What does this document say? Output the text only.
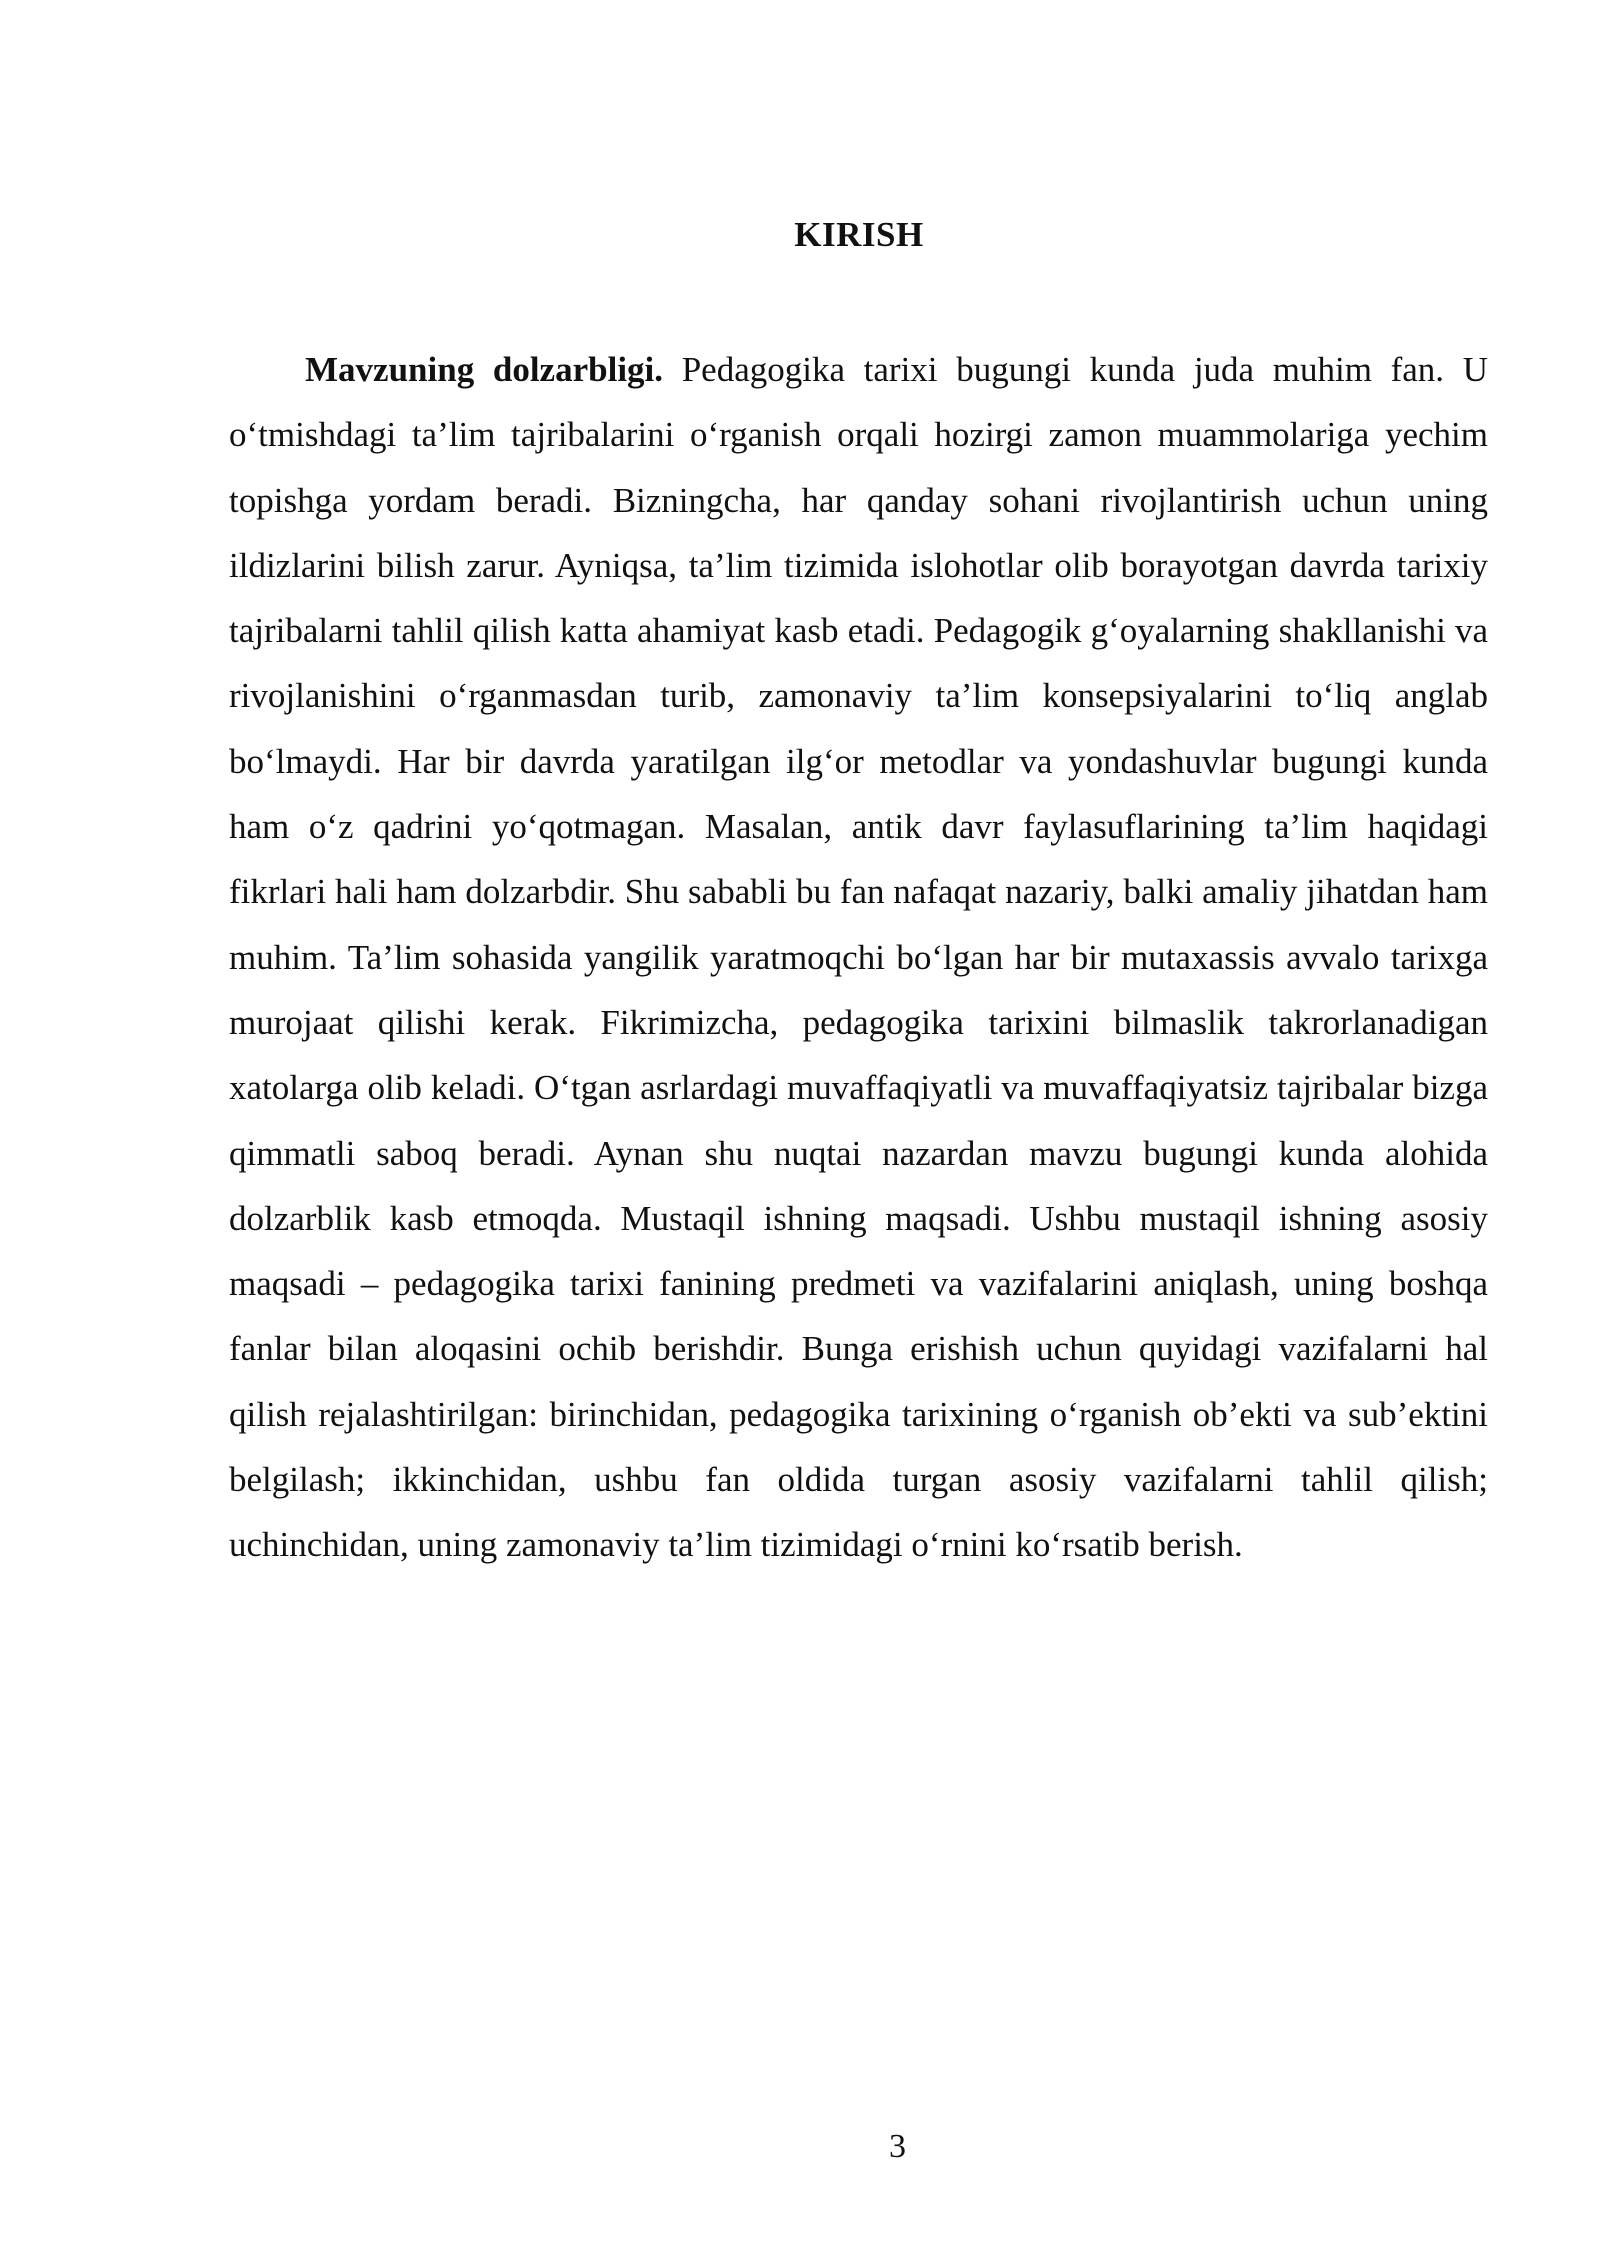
KIRISH

Mavzuning dolzarbligi. Pedagogika tarixi bugungi kunda juda muhim fan. U o‘tmishdagi ta’lim tajribalarini o‘rganish orqali hozirgi zamon muammolariga yechim topishga yordam beradi. Bizningcha, har qanday sohani rivojlantirish uchun uning ildizlarini bilish zarur. Ayniqsa, ta’lim tizimida islohotlar olib borayotgan davrda tarixiy tajribalarni tahlil qilish katta ahamiyat kasb etadi. Pedagogik g‘oyalarning shakllanishi va rivojlanishini o‘rganmasdan turib, zamonaviy ta’lim konsepsiyalarini to‘liq anglab bo‘lmaydi. Har bir davrda yaratilgan ilg‘or metodlar va yondashuvlar bugungi kunda ham o‘z qadrini yo‘qotmagan. Masalan, antik davr faylasuflarining ta’lim haqidagi fikrlari hali ham dolzarbdir. Shu sababli bu fan nafaqat nazariy, balki amaliy jihatdan ham muhim. Ta’lim sohasida yangilik yaratmoqchi bo‘lgan har bir mutaxassis avvalo tarixga murojaat qilishi kerak. Fikrimizcha, pedagogika tarixini bilmaslik takrorlanadigan xatolarga olib keladi. O‘tgan asrlardagi muvaffaqiyatli va muvaffaqiyatsiz tajribalar bizga qimmatli saboq beradi. Aynan shu nuqtai nazardan mavzu bugungi kunda alohida dolzarblik kasb etmoqda. Mustaqil ishning maqsadi. Ushbu mustaqil ishning asosiy maqsadi – pedagogika tarixi fanining predmeti va vazifalarini aniqlash, uning boshqa fanlar bilan aloqasini ochib berishdir. Bunga erishish uchun quyidagi vazifalarni hal qilish rejalashtirilgan: birinchidan, pedagogika tarixining o‘rganish ob’ekti va sub’ektini belgilash; ikkinchidan, ushbu fan oldida turgan asosiy vazifalarni tahlil qilish; uchinchidan, uning zamonaviy ta’lim tizimidagi o‘rnini ko‘rsatib berish.

3
